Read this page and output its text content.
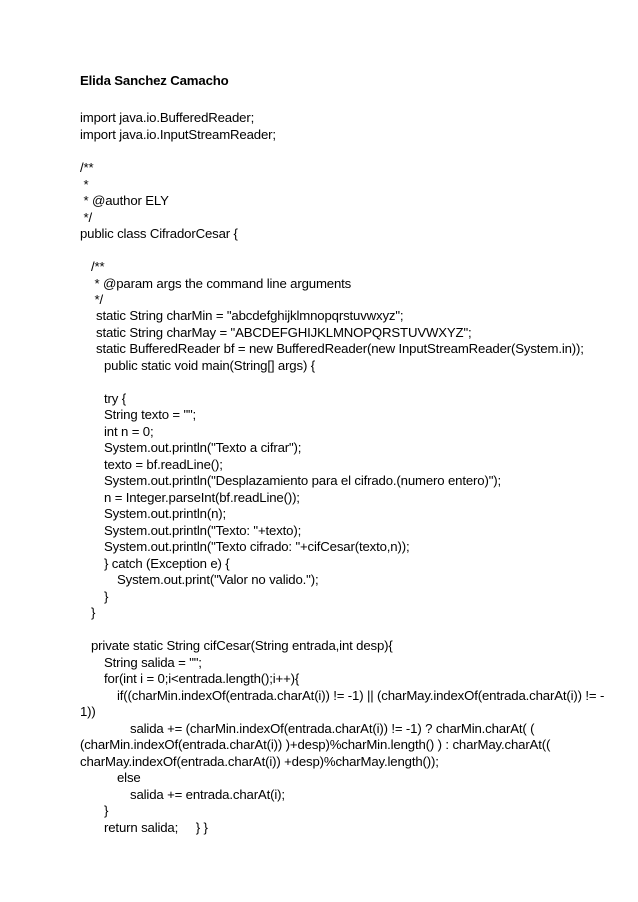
Elida Sanchez Camacho
import java.io.BufferedReader;
import java.io.InputStreamReader;
/**
*
* @author ELY
*/
public class CifradorCesar {
/**
* @param args the command line arguments
*/
static String charMin = "abcdefghijklmnopqrstuvwxyz";
static String charMay = "ABCDEFGHIJKLMNOPQRSTUVWXYZ";
static BufferedReader bf = new BufferedReader(new InputStreamReader(System.in));
public static void main(String[] args) {
try {
String texto = "";
int n = 0;
System.out.println("Texto a cifrar");
texto = bf.readLine();
System.out.println("Desplazamiento para el cifrado.(numero entero)");
n = Integer.parseInt(bf.readLine());
System.out.println(n);
System.out.println("Texto: "+texto);
System.out.println("Texto cifrado: "+cifCesar(texto,n));
} catch (Exception e) {
System.out.print("Valor no valido.");
}
}
private static String cifCesar(String entrada,int desp){
String salida = "";
for(int i = 0;i<entrada.length();i++){
if((charMin.indexOf(entrada.charAt(i)) != -1) || (charMay.indexOf(entrada.charAt(i)) != -
1))
salida += (charMin.indexOf(entrada.charAt(i)) != -1) ? charMin.charAt( (
(charMin.indexOf(entrada.charAt(i)) )+desp)%charMin.length() ) : charMay.charAt((
charMay.indexOf(entrada.charAt(i)) +desp)%charMay.length());
else
salida += entrada.charAt(i);
}
return salida;     } }
